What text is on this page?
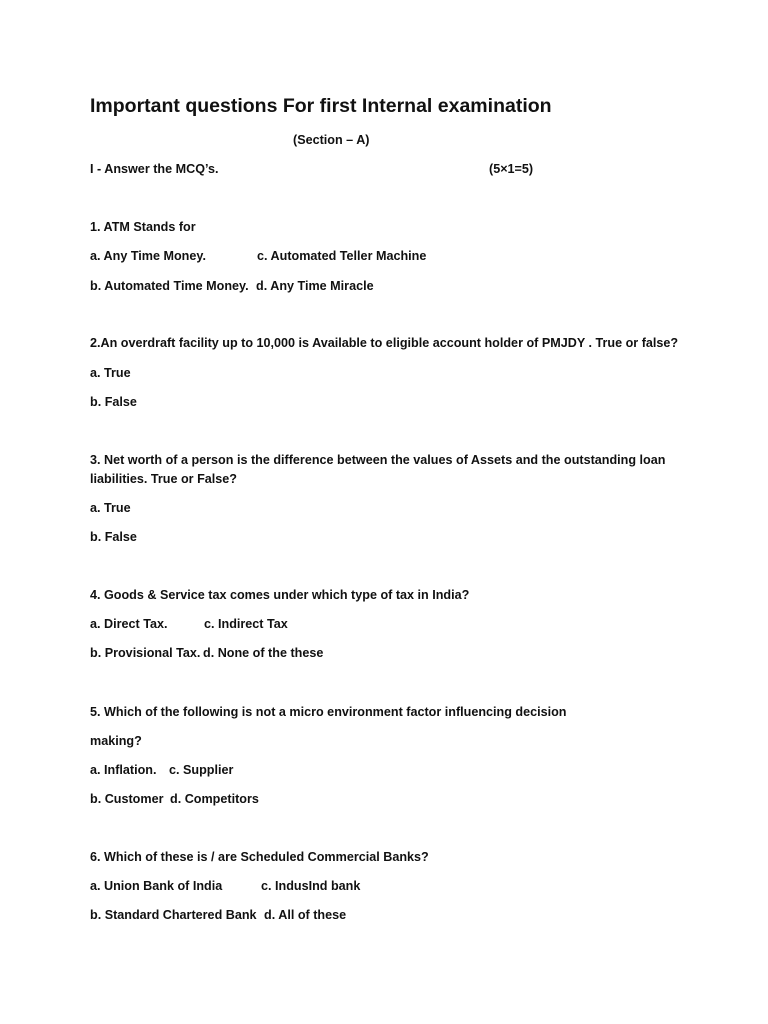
Important questions For first Internal examination
(Section – A)
I - Answer the MCQ’s.	(5×1=5)
1. ATM Stands for
a. Any Time Money.	c. Automated Teller Machine
b. Automated Time Money. d. Any Time Miracle
2.An overdraft facility up to 10,000 is Available to eligible account holder of PMJDY . True or false?
a. True
b. False
3. Net worth of a person is the difference between the values of Assets and the outstanding loan
liabilities. True or False?
a. True
b. False
4. Goods & Service tax comes under which type of tax in India?
a. Direct Tax.	c. Indirect Tax
b. Provisional Tax. d. None of the these
5. Which of the following is not a micro environment factor influencing decision
making?
a. Inflation. c. Supplier
b. Customer d. Competitors
6. Which of these is / are Scheduled Commercial Banks?
a. Union Bank of India	c. IndusInd bank
b. Standard Chartered Bank d. All of these
